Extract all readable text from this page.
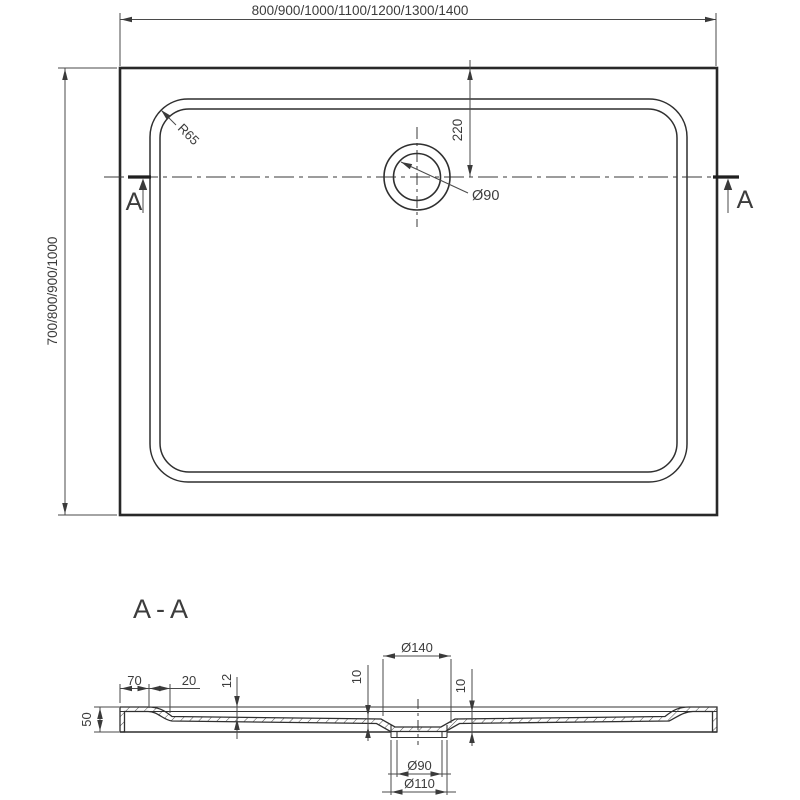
800/900/1000/1100/1200/1300/1400
700/800/900/1000
R65
Ø90
220
A	A
A-A
50
70	20 12
Ø140
10
10
Ø90
Ø110
